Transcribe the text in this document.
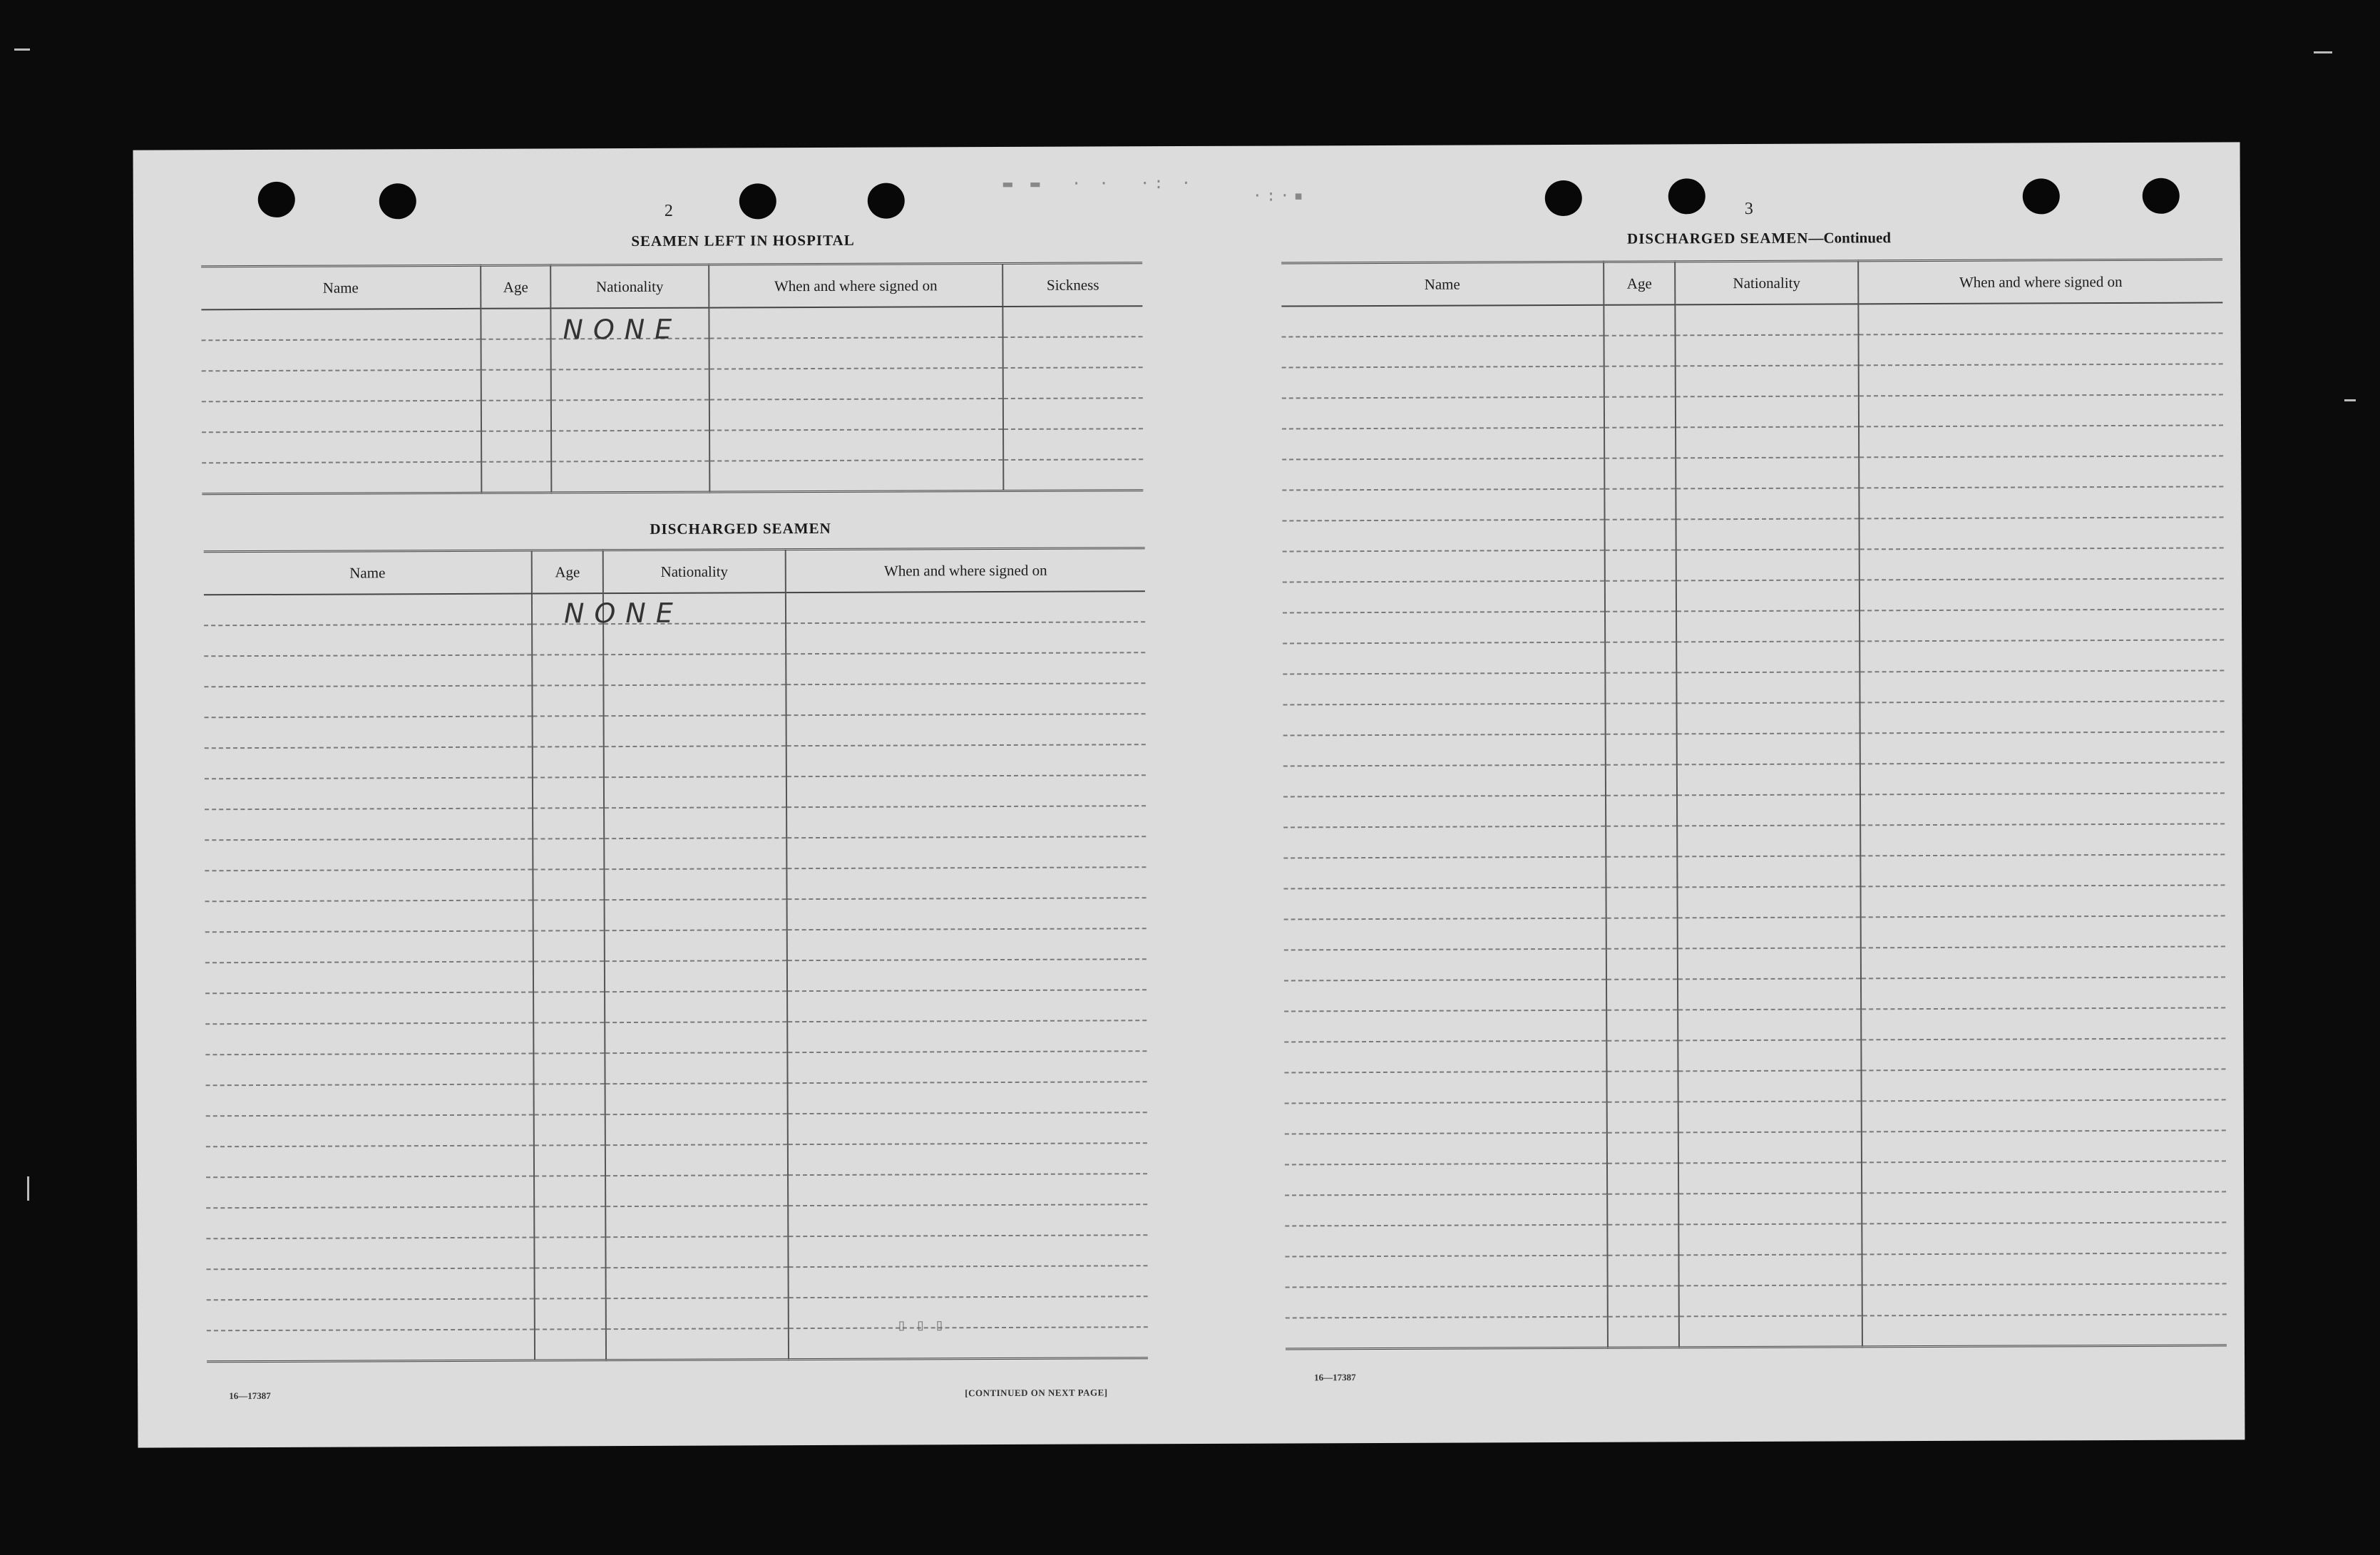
▬ ▬  · ·  ·: ·
·:·▪
2
SEAMEN LEFT IN HOSPITAL
Name	Age	Nationality	When and where signed on	Sickness

NONE
DISCHARGED SEAMEN
Name	Age	Nationality	When and where signed on

NONE
▯ ▯ ▯
16—17387	[CONTINUED ON NEXT PAGE]
3
DISCHARGED SEAMEN—Continued
Name	Age	Nationality	When and where signed on

16—17387
